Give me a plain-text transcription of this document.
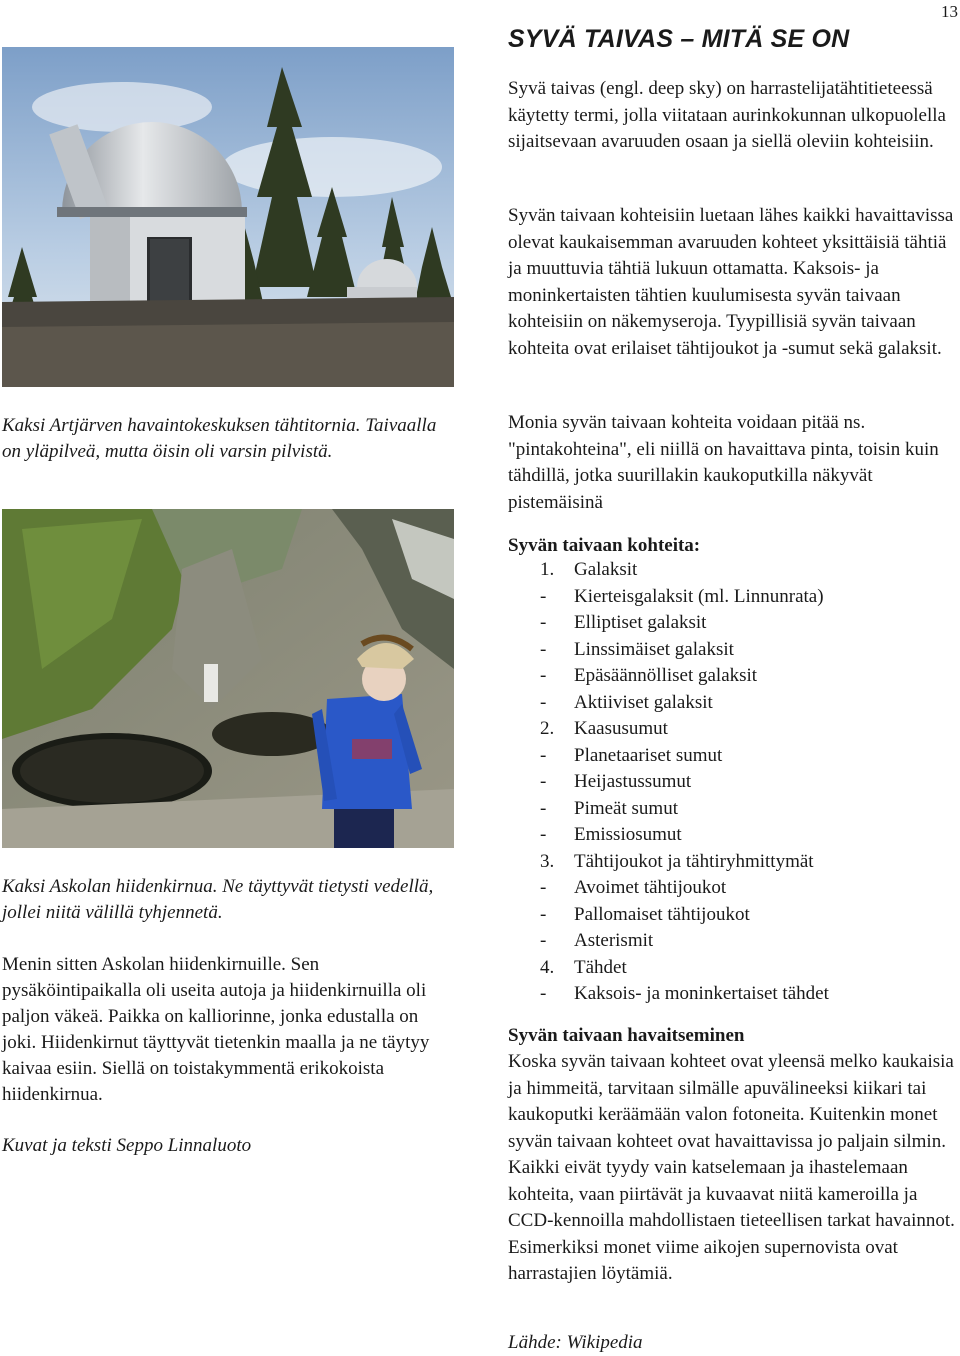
13
Kaksi Artjärven havaintokeskuksen tähtitornia. Taivaalla on yläpilveä, mutta öisin oli varsin pilvistä.
Kaksi Askolan hiidenkirnua. Ne täyttyvät tietysti vedellä, jollei niitä välillä tyhjennetä.
Menin sitten Askolan hiidenkirnuille. Sen pysäköintipaikalla oli useita autoja ja hiidenkirnuilla oli paljon väkeä. Paikka on kalliorinne, jonka edustalla on joki. Hiidenkirnut täyttyvät tietenkin maalla ja ne täytyy kaivaa esiin. Siellä on toistakymmentä erikokoista hiidenkirnua.
Kuvat ja teksti Seppo Linnaluoto
SYVÄ TAIVAS – MITÄ SE ON
Syvä taivas (engl. deep sky) on harrastelijatähtitieteessä käytetty termi, jolla viitataan aurinkokunnan ulkopuolella sijaitsevaan avaruuden osaan ja siellä oleviin kohteisiin.
Syvän taivaan kohteisiin luetaan lähes kaikki havaittavissa olevat kaukaisemman avaruuden kohteet yksittäisiä tähtiä ja muuttuvia tähtiä lukuun ottamatta. Kaksois- ja moninkertaisten tähtien kuulumisesta syvän taivaan kohteisiin on näkemyseroja. Tyypillisiä syvän taivaan kohteita ovat erilaiset tähtijoukot ja -sumut sekä galaksit.
Monia syvän taivaan kohteita voidaan pitää ns. "pintakohteina", eli niillä on havaittava pinta, toisin kuin tähdillä, jotka suurillakin kaukoputkilla näkyvät pistemäisinä
Syvän taivaan kohteita:
1.	Galaksit
-	Kierteisgalaksit (ml. Linnunrata)
-	Elliptiset galaksit
-	Linssimäiset galaksit
-	Epäsäännölliset galaksit
-	Aktiiviset galaksit
2.	Kaasusumut
-	Planetaariset sumut
-	Heijastussumut
-	Pimeät sumut
-	Emissiosumut
3.	Tähtijoukot ja tähtiryhmittymät
-	Avoimet tähtijoukot
-	Pallomaiset tähtijoukot
-	Asterismit
4.	Tähdet
-	Kaksois- ja moninkertaiset tähdet
Syvän taivaan havaitseminen
Koska syvän taivaan kohteet ovat yleensä melko kaukaisia ja himmeitä, tarvitaan silmälle apuvälineeksi kiikari tai kaukoputki keräämään valon fotoneita. Kuitenkin monet syvän taivaan kohteet ovat havaittavissa jo paljain silmin. Kaikki eivät tyydy vain katselemaan ja ihastelemaan kohteita, vaan piirtävät ja kuvaavat niitä kameroilla ja CCD-kennoilla mahdollistaen tieteellisen tarkat havainnot. Esimerkiksi monet viime aikojen supernovista ovat harrastajien löytämiä.
Lähde: Wikipedia
